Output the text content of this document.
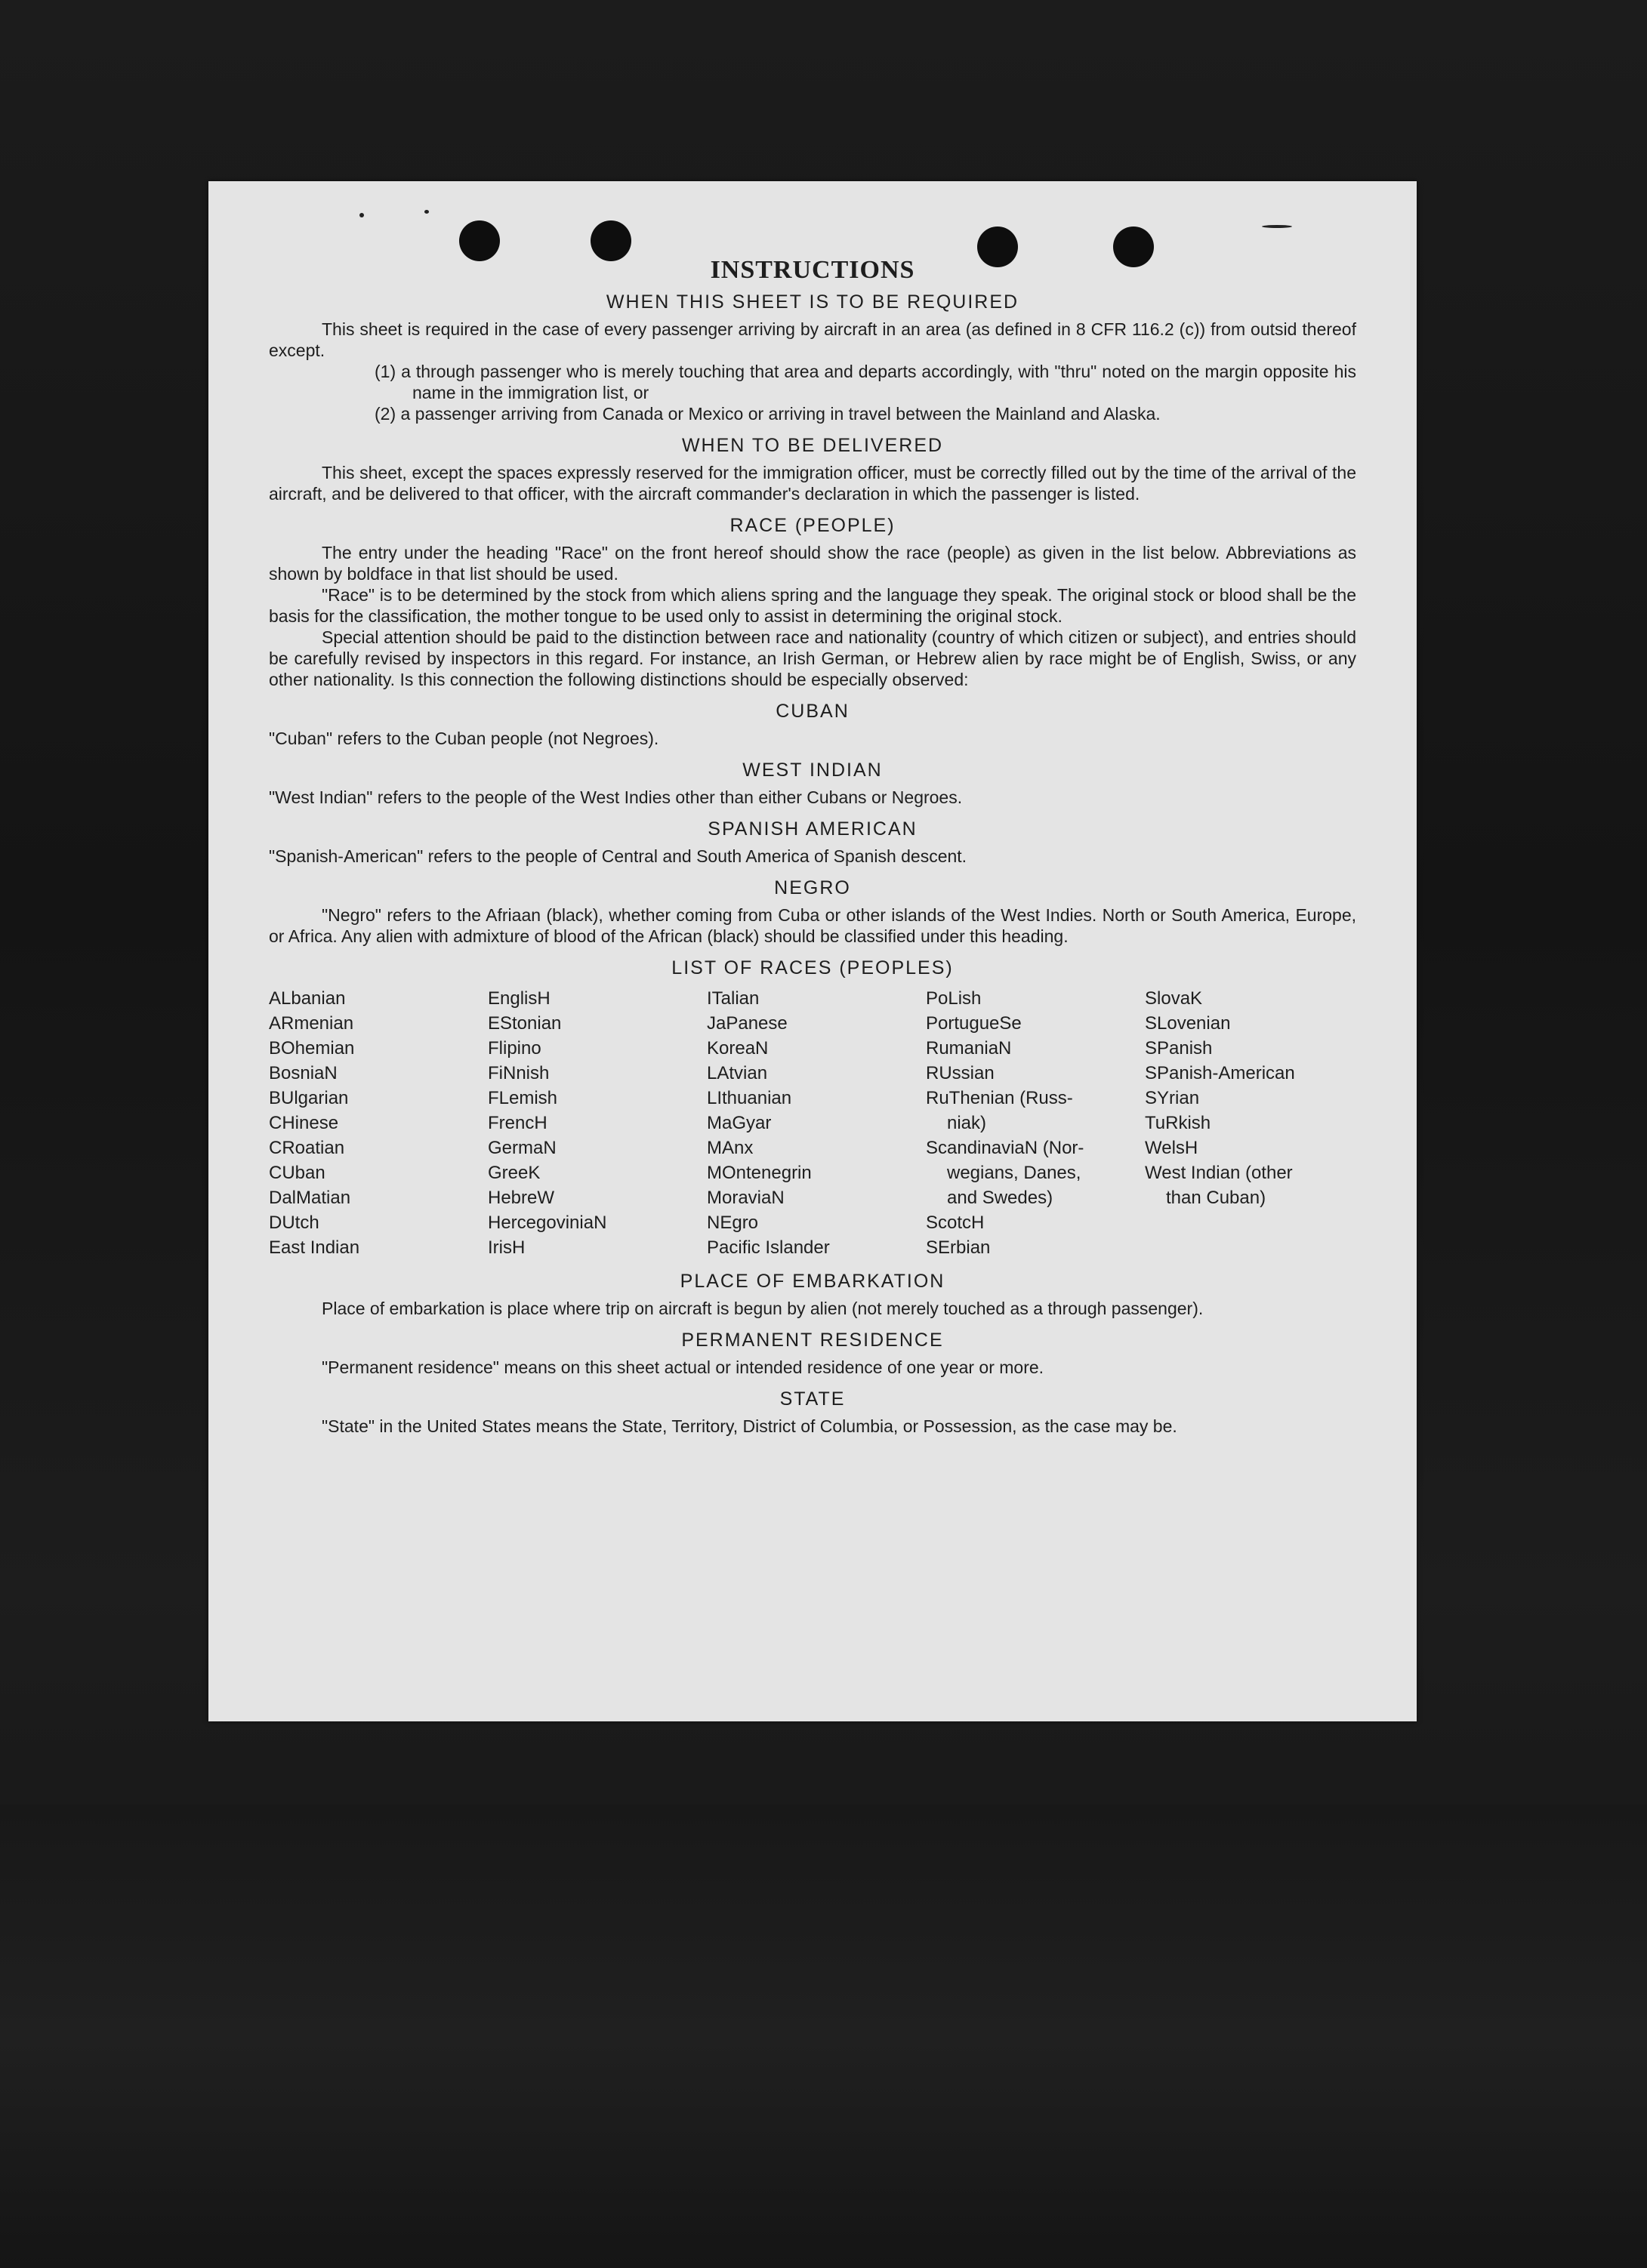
INSTRUCTIONS
WHEN THIS SHEET IS TO BE REQUIRED

This sheet is required in the case of every passenger arriving by aircraft in an area (as defined in 8 CFR 116.2 (c)) from outsid thereof except.

(1) a through passenger who is merely touching that area and departs accordingly, with "thru" noted on the margin opposite his name in the immigration list, or

(2) a passenger arriving from Canada or Mexico or arriving in travel between the Mainland and Alaska.

WHEN TO BE DELIVERED

This sheet, except the spaces expressly reserved for the immigration officer, must be correctly filled out by the time of the arrival of the aircraft, and be delivered to that officer, with the aircraft commander's declaration in which the passenger is listed.

RACE (PEOPLE)

The entry under the heading "Race" on the front hereof should show the race (people) as given in the list below. Abbreviations as shown by boldface in that list should be used.

"Race" is to be determined by the stock from which aliens spring and the language they speak. The original stock or blood shall be the basis for the classification, the mother tongue to be used only to assist in determining the original stock.

Special attention should be paid to the distinction between race and nationality (country of which citizen or subject), and entries should be carefully revised by inspectors in this regard. For instance, an Irish German, or Hebrew alien by race might be of English, Swiss, or any other nationality. Is this connection the following distinctions should be especially observed:

CUBAN

"Cuban" refers to the Cuban people (not Negroes).

WEST INDIAN

"West Indian" refers to the people of the West Indies other than either Cubans or Negroes.

SPANISH AMERICAN

"Spanish-American" refers to the people of Central and South America of Spanish descent.

NEGRO

"Negro" refers to the Afriaan (black), whether coming from Cuba or other islands of the West Indies. North or South America, Europe, or Africa. Any alien with admixture of blood of the African (black) should be classified under this heading.

LIST OF RACES (PEOPLES)
ALbanian
ARmenian
BOhemian
BosniaN
BUlgarian
CHinese
CRoatian
CUban
DalMatian
DUtch
East Indian
EnglisH
EStonian
Flipino
FiNnish
FLemish
FrencH
GermaN
GreeK
HebreW
HercegoviniaN
IrisH
ITalian
JaPanese
KoreaN
LAtvian
LIthuanian
MaGyar
MAnx
MOntenegrin
MoraviaN
NEgro
Pacific Islander
PoLish
PortugueSe
RumaniaN
RUssian
RuThenian (Russ-
niak)
ScandinaviaN (Nor-
wegians, Danes,
and Swedes)
ScotcH
SErbian
SlovaK
SLovenian
SPanish
SPanish-American
SYrian
TuRkish
WelsH
West Indian (other
than Cuban)
PLACE OF EMBARKATION

Place of embarkation is place where trip on aircraft is begun by alien (not merely touched as a through passenger).

PERMANENT RESIDENCE

"Permanent residence" means on this sheet actual or intended residence of one year or more.

STATE

"State" in the United States means the State, Territory, District of Columbia, or Possession, as the case may be.
